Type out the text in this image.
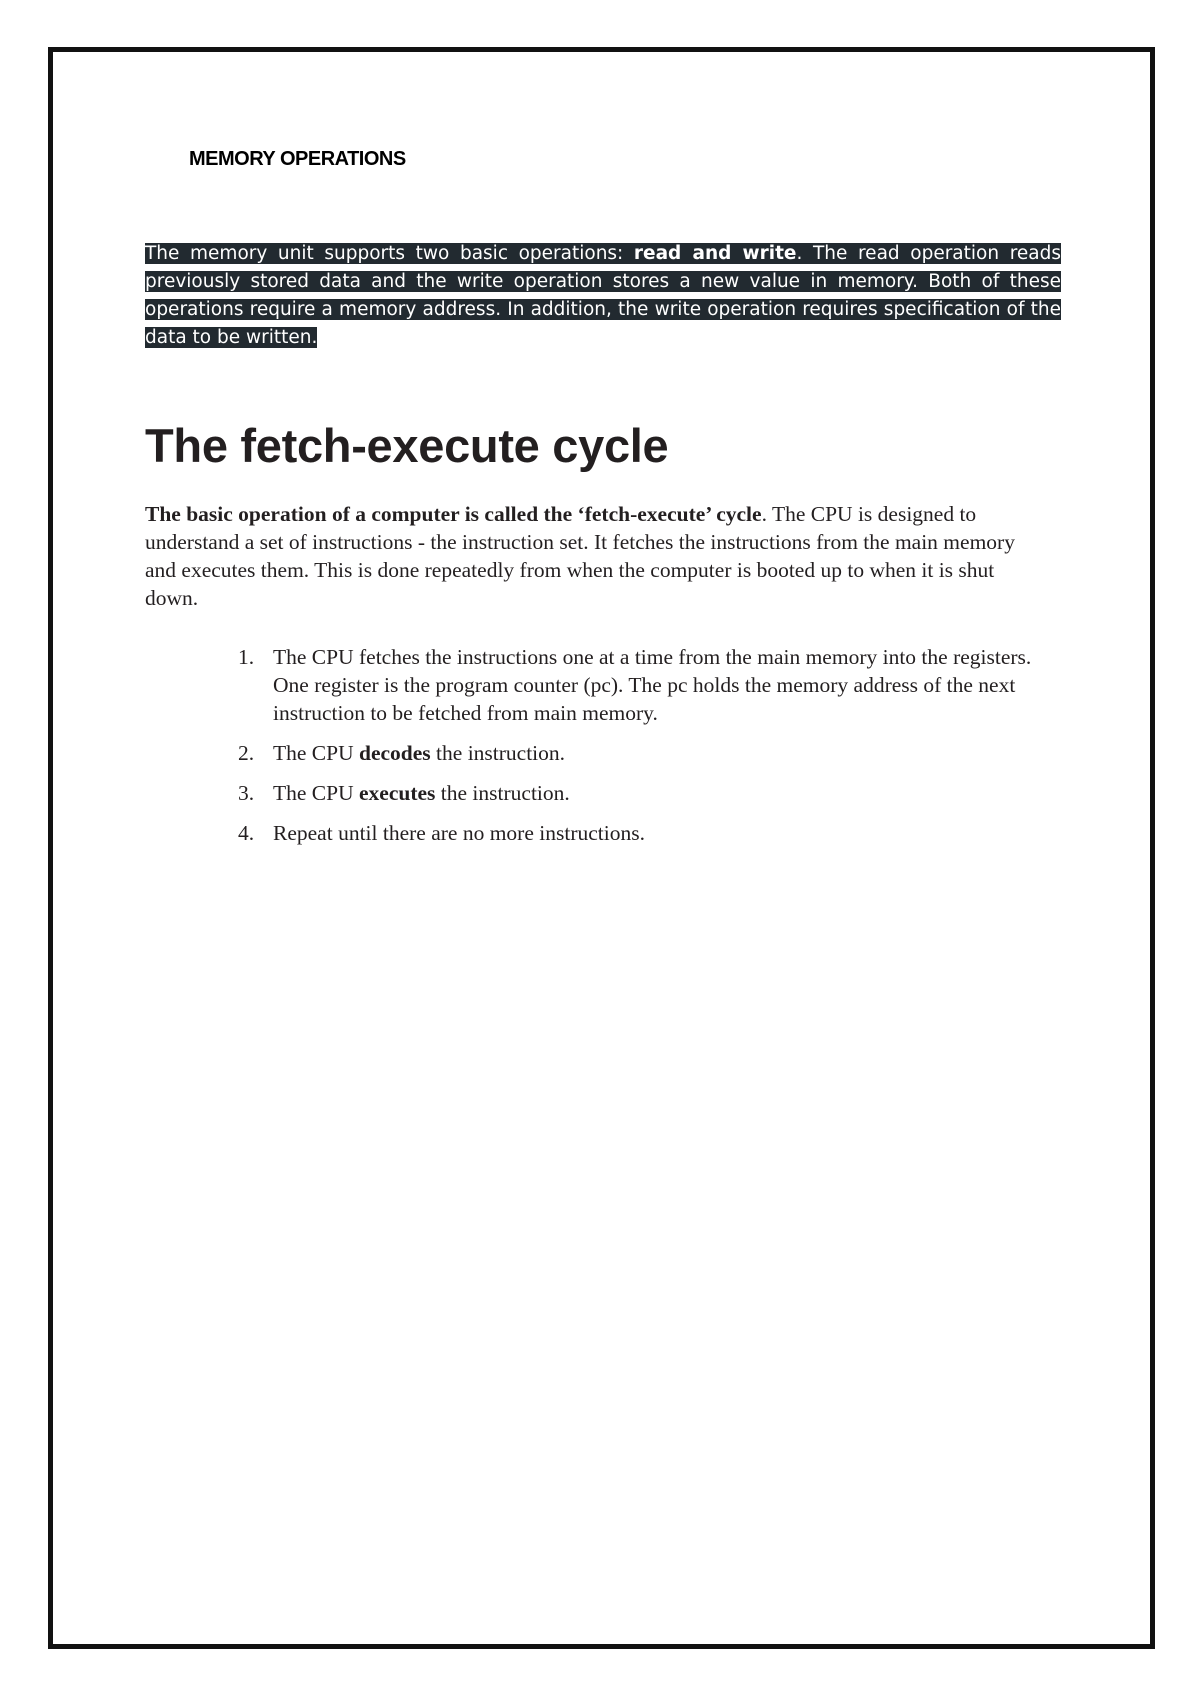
MEMORY OPERATIONS

The memory unit supports two basic operations: read and write. The read operation reads previously stored data and the write operation stores a new value in memory. Both of these operations require a memory address. In addition, the write operation requires specification of the data to be written.

The fetch-execute cycle

The basic operation of a computer is called the ‘fetch-execute’ cycle. The CPU is designed to understand a set of instructions - the instruction set. It fetches the instructions from the main memory and executes them. This is done repeatedly from when the computer is booted up to when it is shut down.

1. The CPU fetches the instructions one at a time from the main memory into the registers. One register is the program counter (pc). The pc holds the memory address of the next instruction to be fetched from main memory.
2. The CPU decodes the instruction.
3. The CPU executes the instruction.
4. Repeat until there are no more instructions.
